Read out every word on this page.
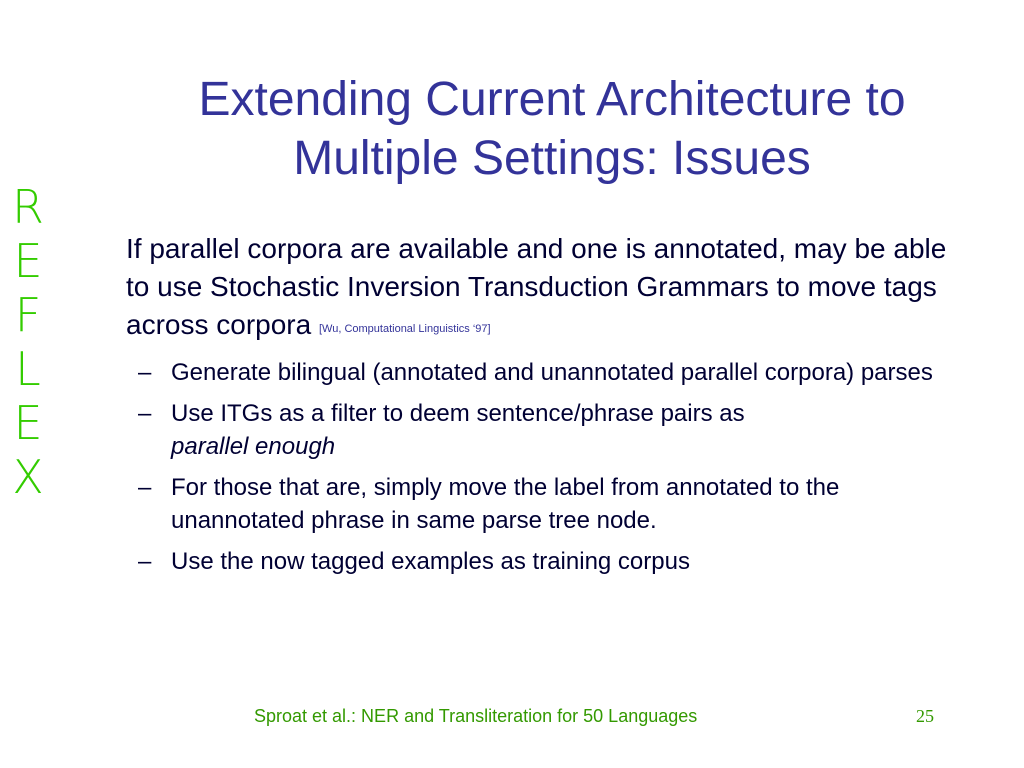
Extending Current Architecture to
Multiple Settings: Issues
R
E
F
L
E
X

If parallel corpora are available and one is annotated, may be able to use Stochastic Inversion Transduction Grammars to move tags across corpora [Wu, Computational Linguistics ‘97]

– Generate bilingual (annotated and unannotated parallel corpora) parses
– Use ITGs as a filter to deem sentence/phrase pairs as
parallel enough
– For those that are, simply move the label from annotated to the unannotated phrase in same parse tree node.
– Use the now tagged examples as training corpus
Sproat et al.: NER and Transliteration for 50 Languages	25
